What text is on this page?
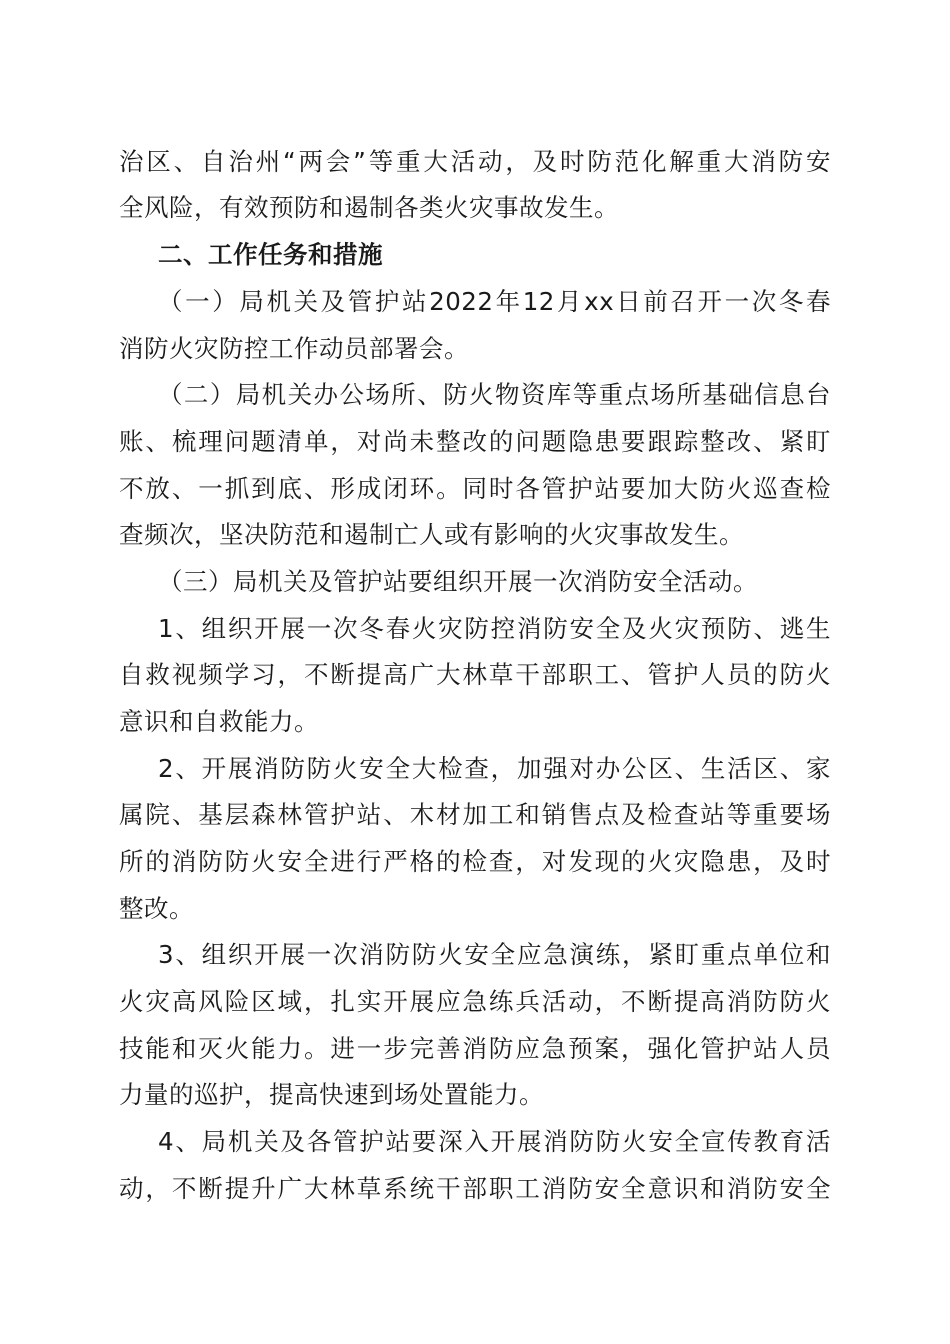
治区、自治州“两会”等重大活动，及时防范化解重大消防安
全风险，有效预防和遏制各类火灾事故发生。
二、工作任务和措施
（一）局机关及管护站2022年12月xx日前召开一次冬春
消防火灾防控工作动员部署会。
（二）局机关办公场所、防火物资库等重点场所基础信息台
账、梳理问题清单，对尚未整改的问题隐患要跟踪整改、紧盯
不放、一抓到底、形成闭环。同时各管护站要加大防火巡查检
查频次，坚决防范和遏制亡人或有影响的火灾事故发生。
（三）局机关及管护站要组织开展一次消防安全活动。
1、组织开展一次冬春火灾防控消防安全及火灾预防、逃生
自救视频学习，不断提高广大林草干部职工、管护人员的防火
意识和自救能力。
2、开展消防防火安全大检查，加强对办公区、生活区、家
属院、基层森林管护站、木材加工和销售点及检查站等重要场
所的消防防火安全进行严格的检查，对发现的火灾隐患，及时
整改。
3、组织开展一次消防防火安全应急演练，紧盯重点单位和
火灾高风险区域，扎实开展应急练兵活动，不断提高消防防火
技能和灭火能力。进一步完善消防应急预案，强化管护站人员
力量的巡护，提高快速到场处置能力。
4、局机关及各管护站要深入开展消防防火安全宣传教育活
动，不断提升广大林草系统干部职工消防安全意识和消防安全
